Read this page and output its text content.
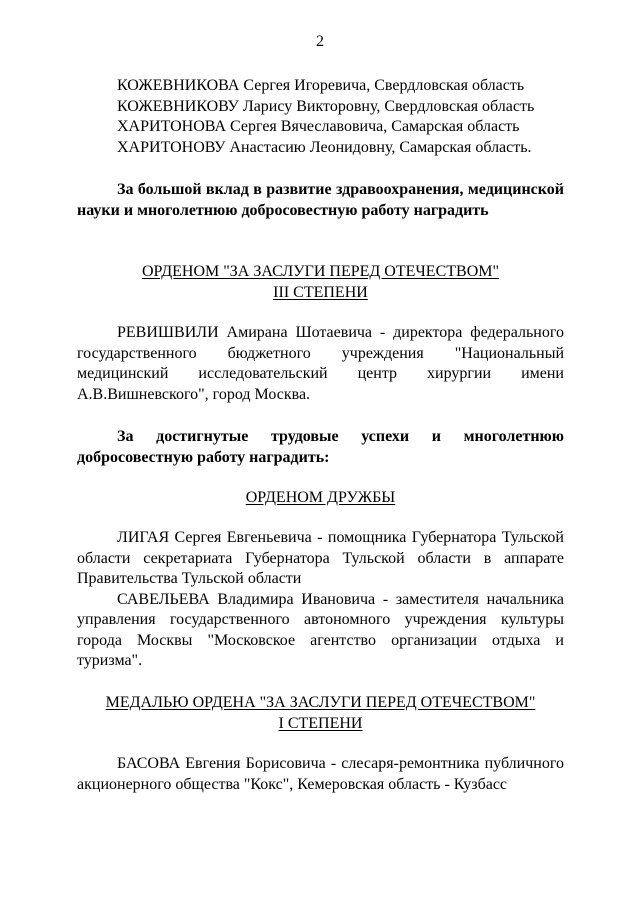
2

КОЖЕВНИКОВА Сергея Игоревича, Свердловская область

КОЖЕВНИКОВУ Ларису Викторовну, Свердловская область

ХАРИТОНОВА Сергея Вячеславовича, Самарская область

ХАРИТОНОВУ Анастасию Леонидовну, Самарская область.

За большой вклад в развитие здравоохранения, медицинской науки и многолетнюю добросовестную работу наградить

ОРДЕНОМ "ЗА ЗАСЛУГИ ПЕРЕД ОТЕЧЕСТВОМ"
III СТЕПЕНИ

РЕВИШВИЛИ Амирана Шотаевича - директора федерального государственного бюджетного учреждения "Национальный медицинский исследовательский центр хирургии имени А.В.Вишневского", город Москва.

За достигнутые трудовые успехи и многолетнюю добросовестную работу наградить:

ОРДЕНОМ ДРУЖБЫ

ЛИГАЯ Сергея Евгеньевича - помощника Губернатора Тульской области секретариата Губернатора Тульской области в аппарате Правительства Тульской области

САВЕЛЬЕВА Владимира Ивановича - заместителя начальника управления государственного автономного учреждения культуры города Москвы "Московское агентство организации отдыха и туризма".

МЕДАЛЬЮ ОРДЕНА "ЗА ЗАСЛУГИ ПЕРЕД ОТЕЧЕСТВОМ"
I СТЕПЕНИ

БАСОВА Евгения Борисовича - слесаря-ремонтника публичного акционерного общества "Кокс", Кемеровская область - Кузбасс
